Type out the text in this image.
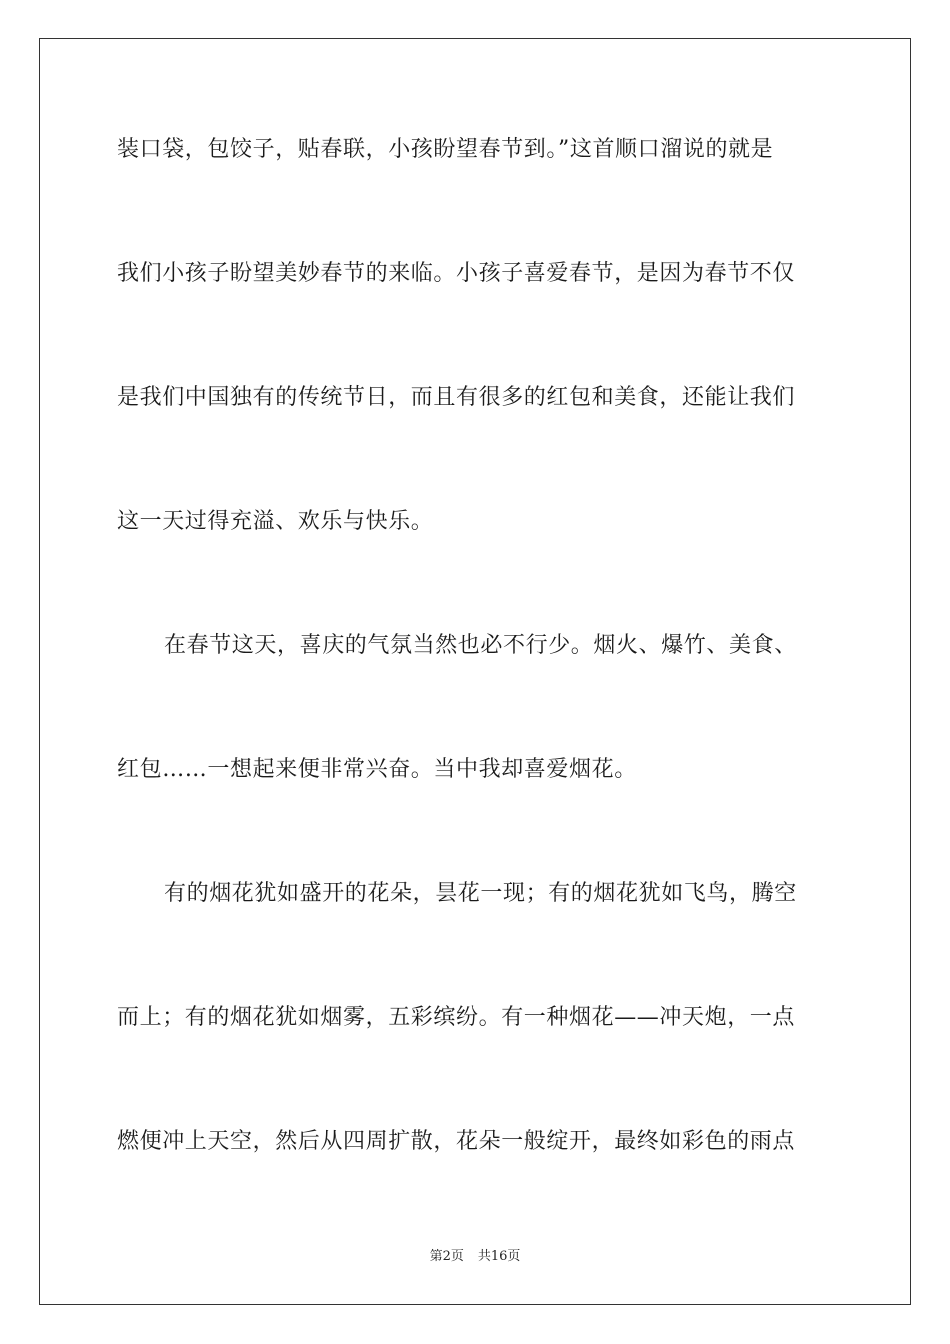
装口袋，包饺子，贴春联，小孩盼望春节到。”这首顺口溜说的就是
我们小孩子盼望美妙春节的来临。小孩子喜爱春节，是因为春节不仅
是我们中国独有的传统节日，而且有很多的红包和美食，还能让我们
这一天过得充溢、欢乐与快乐。
在春节这天，喜庆的气氛当然也必不行少。烟火、爆竹、美食、
红包……一想起来便非常兴奋。当中我却喜爱烟花。
有的烟花犹如盛开的花朵，昙花一现；有的烟花犹如飞鸟，腾空
而上；有的烟花犹如烟雾，五彩缤纷。有一种烟花——冲天炮，一点
燃便冲上天空，然后从四周扩散，花朵一般绽开，最终如彩色的雨点
第2页 共16页
